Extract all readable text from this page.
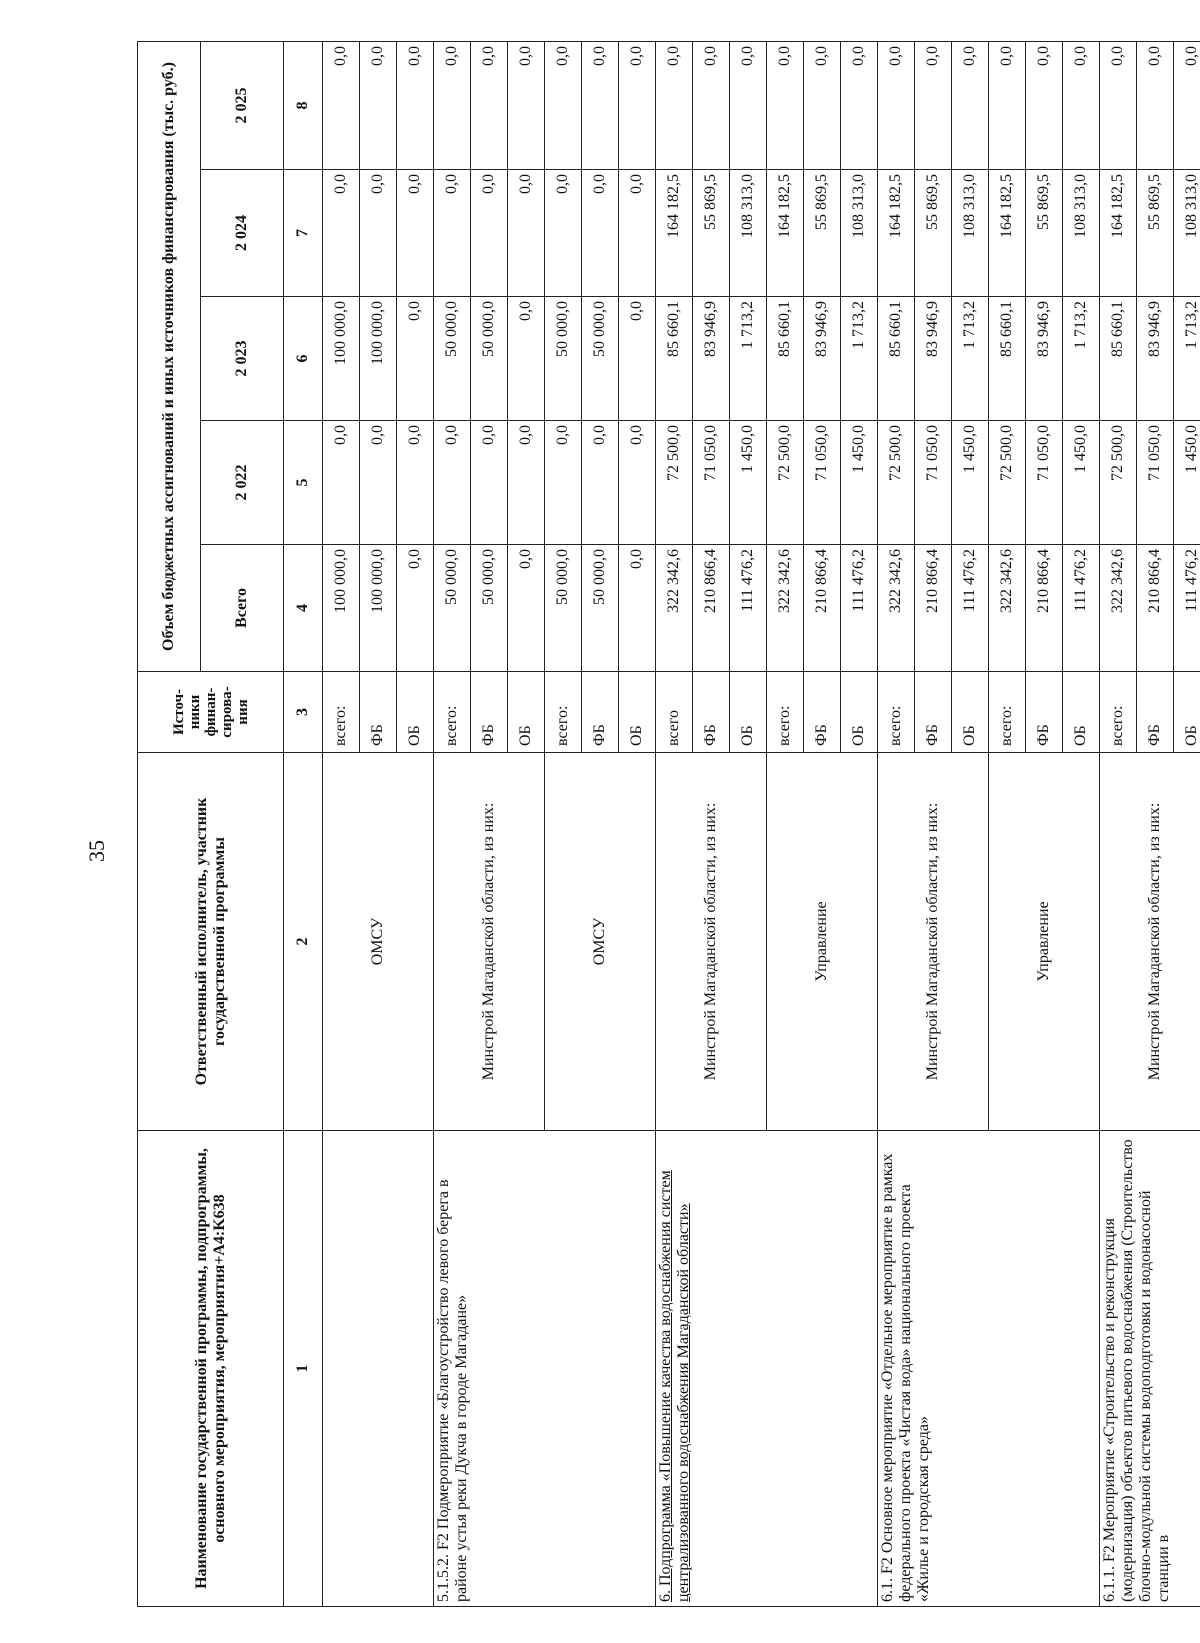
35
Наименование государственной программы, подпрограммы, основного мероприятия, мероприятия+A4:K638	Ответственный исполнитель, участник государственной программы	Источ-ники финан-сирова-ния	Объем бюджетных ассигнований и иных источников финансирования (тыс. руб.)				
			Всего	2 022	2 023	2 024	2 025
1	2	3	4	5	6	7	8
	ОМСУ	всего:	100 000,0	0,0	100 000,0	0,0	0,0
		ФБ	100 000,0	0,0	100 000,0	0,0	0,0
		ОБ	0,0	0,0	0,0	0,0	0,0
5.1.5.2. F2 Подмероприятие «Благоустройство левого берега в районе устья реки Дукча в городе Магадане»	Минстрой Магаданской области, из них:	всего:	50 000,0	0,0	50 000,0	0,0	0,0
		ФБ	50 000,0	0,0	50 000,0	0,0	0,0
		ОБ	0,0	0,0	0,0	0,0	0,0
	ОМСУ	всего:	50 000,0	0,0	50 000,0	0,0	0,0
		ФБ	50 000,0	0,0	50 000,0	0,0	0,0
		ОБ	0,0	0,0	0,0	0,0	0,0
6. Подпрограмма «Повышение качества водоснабжения систем централизованного водоснабжения Магаданской области»	Минстрой Магаданской области, из них:	всего	322 342,6	72 500,0	85 660,1	164 182,5	0,0
		ФБ	210 866,4	71 050,0	83 946,9	55 869,5	0,0
		ОБ	111 476,2	1 450,0	1 713,2	108 313,0	0,0
	Управление	всего:	322 342,6	72 500,0	85 660,1	164 182,5	0,0
		ФБ	210 866,4	71 050,0	83 946,9	55 869,5	0,0
		ОБ	111 476,2	1 450,0	1 713,2	108 313,0	0,0
6.1. F2 Основное мероприятие «Отдельное мероприятие в рамках федерального проекта «Чистая вода» национального проекта «Жилье и городская среда»	Минстрой Магаданской области, из них:	всего:	322 342,6	72 500,0	85 660,1	164 182,5	0,0
		ФБ	210 866,4	71 050,0	83 946,9	55 869,5	0,0
		ОБ	111 476,2	1 450,0	1 713,2	108 313,0	0,0
	Управление	всего:	322 342,6	72 500,0	85 660,1	164 182,5	0,0
		ФБ	210 866,4	71 050,0	83 946,9	55 869,5	0,0
		ОБ	111 476,2	1 450,0	1 713,2	108 313,0	0,0
6.1.1. F2 Мероприятие «Строительство и реконструкция (модернизация) объектов питьевого водоснабжения (Строительство блочно-модульной системы водоподготовки и водонасосной станции в	Минстрой Магаданской области, из них:	всего:	322 342,6	72 500,0	85 660,1	164 182,5	0,0
		ФБ	210 866,4	71 050,0	83 946,9	55 869,5	0,0
		ОБ	111 476,2	1 450,0	1 713,2	108 313,0	0,0
